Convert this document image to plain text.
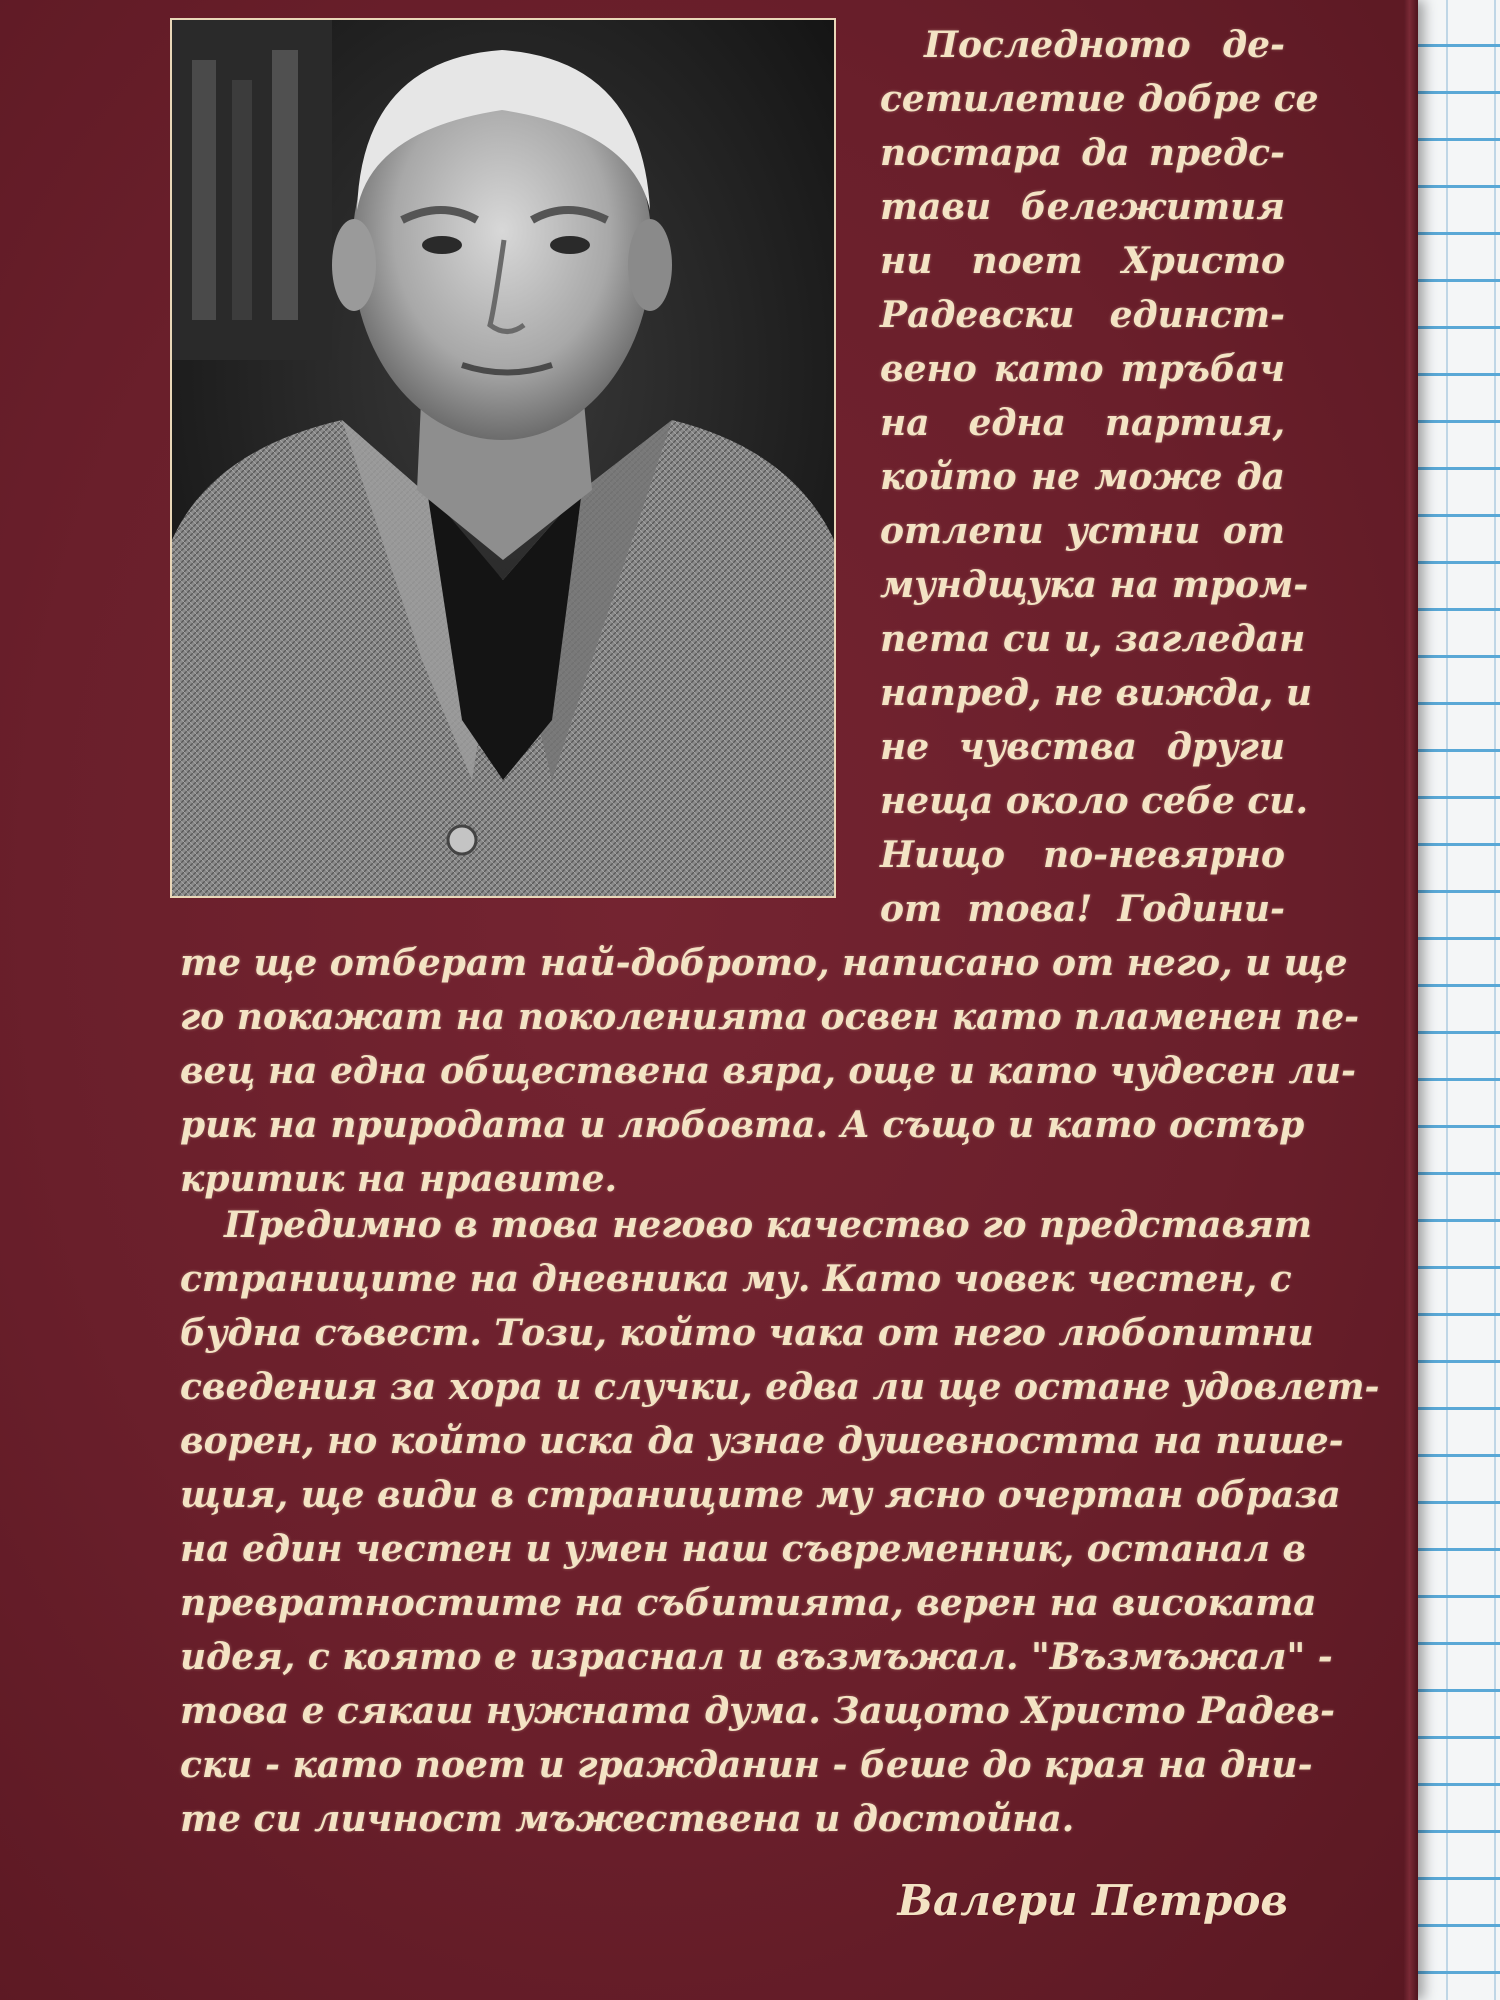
Последното де-
сетилетие добре се
постара да предс-
тави бележития
ни поет Христо
Радевски единст-
вено като тръбач
на една партия,
който не може да
отлепи устни от
мундщука на тром-
пета си и, загледан
напред, не вижда, и
не чувства други
неща около себе си.
Нищо по-невярно
от това! Години-
те ще отберат най-доброто, написано от него, и ще
го покажат на поколенията освен като пламенен пе-
вец на една обществена вяра, още и като чудесен ли-
рик на природата и любовта. А също и като остър
критик на нравите.
Предимно в това негово качество го представят
страниците на дневника му. Като човек честен, с
будна съвест. Този, който чака от него любопитни
сведения за хора и случки, едва ли ще остане удовлет-
ворен, но който иска да узнае душевността на пише-
щия, ще види в страниците му ясно очертан образа
на един честен и умен наш съвременник, останал в
превратностите на събитията, верен на високата
идея, с която е израснал и възмъжал. "Възмъжал" -
това е сякаш нужната дума. Защото Христо Радев-
ски - като поет и гражданин - беше до края на дни-
те си личност мъжествена и достойна.
Валери Петров
